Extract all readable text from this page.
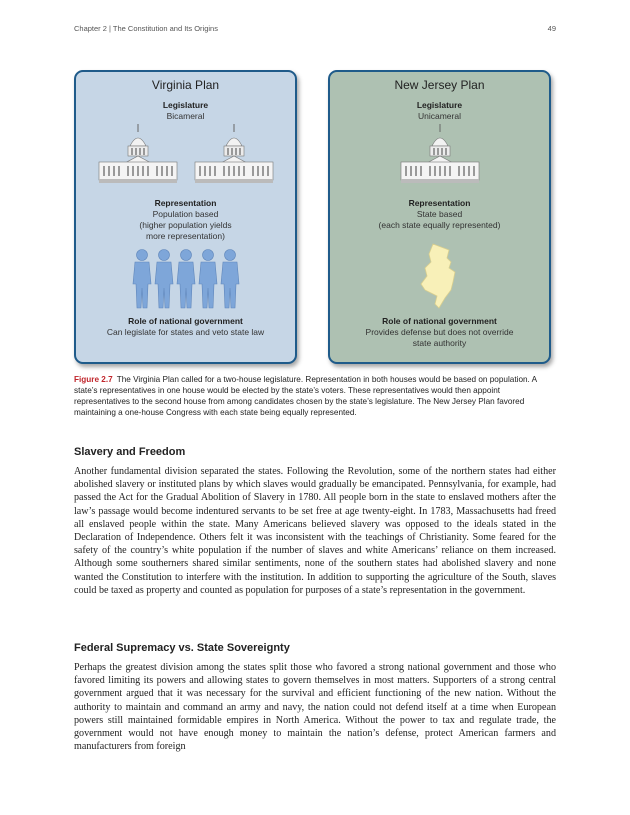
Chapter 2 | The Constitution and Its Origins	49
Virginia Plan
Legislature
Bicameral
Representation
Population based
(higher population yields
more representation)
Role of national government
Can legislate for states and veto state law
New Jersey Plan
Legislature
Unicameral
Representation
State based
(each state equally represented)
Role of national government
Provides defense but does not override
state authority
Figure 2.7 The Virginia Plan called for a two-house legislature. Representation in both houses would be based on population. A state’s representatives in one house would be elected by the state’s voters. These representatives would then appoint representatives to the second house from among candidates chosen by the state’s legislature. The New Jersey Plan favored maintaining a one-house Congress with each state being equally represented.
Slavery and Freedom

Another fundamental division separated the states. Following the Revolution, some of the northern states had either abolished slavery or instituted plans by which slaves would gradually be emancipated. Pennsylvania, for example, had passed the Act for the Gradual Abolition of Slavery in 1780. All people born in the state to enslaved mothers after the law’s passage would become indentured servants to be set free at age twenty-eight. In 1783, Massachusetts had freed all enslaved people within the state. Many Americans believed slavery was opposed to the ideals stated in the Declaration of Independence. Others felt it was inconsistent with the teachings of Christianity. Some feared for the safety of the country’s white population if the number of slaves and white Americans’ reliance on them increased. Although some southerners shared similar sentiments, none of the southern states had abolished slavery and none wanted the Constitution to interfere with the institution. In addition to supporting the agriculture of the South, slaves could be taxed as property and counted as population for purposes of a state’s representation in the government.

Federal Supremacy vs. State Sovereignty

Perhaps the greatest division among the states split those who favored a strong national government and those who favored limiting its powers and allowing states to govern themselves in most matters. Supporters of a strong central government argued that it was necessary for the survival and efficient functioning of the new nation. Without the authority to maintain and command an army and navy, the nation could not defend itself at a time when European powers still maintained formidable empires in North America. Without the power to tax and regulate trade, the government would not have enough money to maintain the nation’s defense, protect American farmers and manufacturers from foreign
